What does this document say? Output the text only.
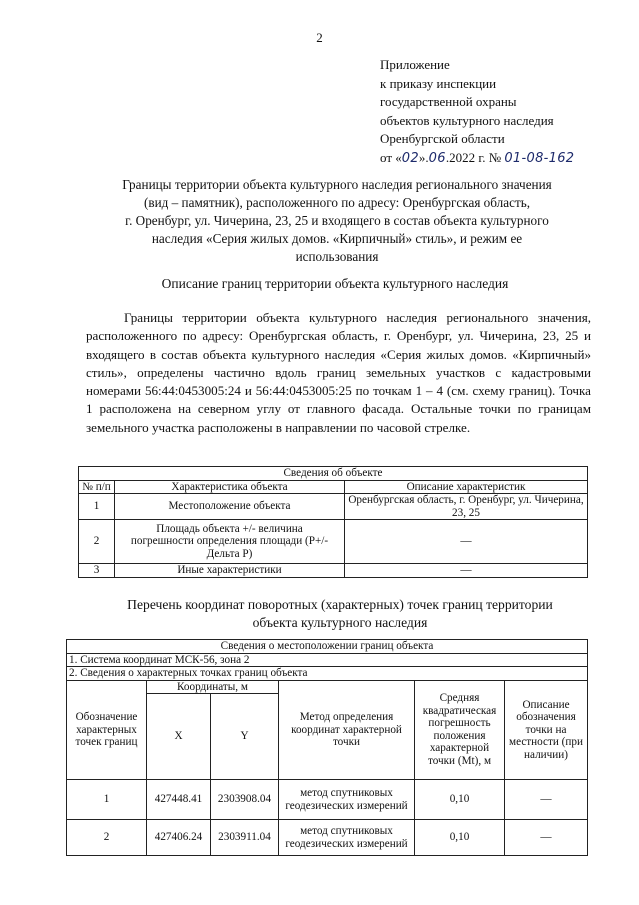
2
Приложение
к приказу инспекции
государственной охраны
объектов культурного наследия
Оренбургской области
от «02».06.2022 г. № 01-08-162
Границы территории объекта культурного наследия регионального значения
(вид – памятник), расположенного по адресу: Оренбургская область,
г. Оренбург, ул. Чичерина, 23, 25 и входящего в состав объекта культурного
наследия «Серия жилых домов. «Кирпичный» стиль», и режим ее
использования
Описание границ территории объекта культурного наследия
Границы территории объекта культурного наследия регионального значения, расположенного по адресу: Оренбургская область, г. Оренбург, ул. Чичерина, 23, 25 и входящего в состав объекта культурного наследия «Серия жилых домов. «Кирпичный» стиль», определены частично вдоль границ земельных участков с кадастровыми номерами 56:44:0453005:24 и 56:44:0453005:25 по точкам 1 – 4 (см. схему границ). Точка 1 расположена на северном углу от главного фасада. Остальные точки по границам земельного участка расположены в направлении по часовой стрелке.
Сведения об объекте		
№ п/п	Характеристика объекта	Описание характеристик
1	Местоположение объекта	Оренбургская область, г. Оренбург, ул. Чичерина, 23, 25
2	Площадь объекта +/- величина погрешности определения площади (P+/- Дельта P)	—
3	Иные характеристики	—
Перечень координат поворотных (характерных) точек границ территории
объекта культурного наследия
Сведения о местоположении границ объекта					
1. Система координат МСК-56, зона 2					
2. Сведения о характерных точках границ объекта					
Обозначение характерных точек границ	Координаты, м		Метод определения координат характерной точки	Средняя квадратическая погрешность положения характерной точки (Mt), м	Описание обозначения точки на местности (при наличии)
	X	Y			
1	427448.41	2303908.04	метод спутниковых геодезических измерений	0,10	—
2	427406.24	2303911.04	метод спутниковых геодезических измерений	0,10	—
